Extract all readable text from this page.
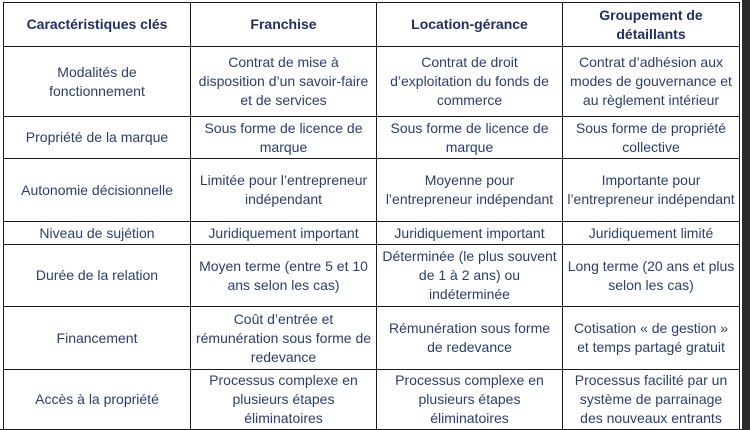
Caractéristiques clés	Franchise	Location-gérance	Groupement de détaillants
Modalités de fonctionnement	Contrat de mise à disposition d’un savoir-faire et de services	Contrat de droit d’exploitation du fonds de commerce	Contrat d’adhésion aux modes de gouvernance et au règlement intérieur
Propriété de la marque	Sous forme de licence de marque	Sous forme de licence de marque	Sous forme de propriété collective
Autonomie décisionnelle	Limitée pour l’entrepreneur indépendant	Moyenne pour l’entrepreneur indépendant	Importante pour l’entrepreneur indépendant
Niveau de sujétion	Juridiquement important	Juridiquement important	Juridiquement limité
Durée de la relation	Moyen terme (entre 5 et 10 ans selon les cas)	Déterminée (le plus souvent de 1 à 2 ans) ou indéterminée	Long terme (20 ans et plus selon les cas)
Financement	Coût d’entrée et rémunération sous forme de redevance	Rémunération sous forme de redevance	Cotisation « de gestion » et temps partagé gratuit
Accès à la propriété	Processus complexe en plusieurs étapes éliminatoires	Processus complexe en plusieurs étapes éliminatoires	Processus facilité par un système de parrainage des nouveaux entrants
